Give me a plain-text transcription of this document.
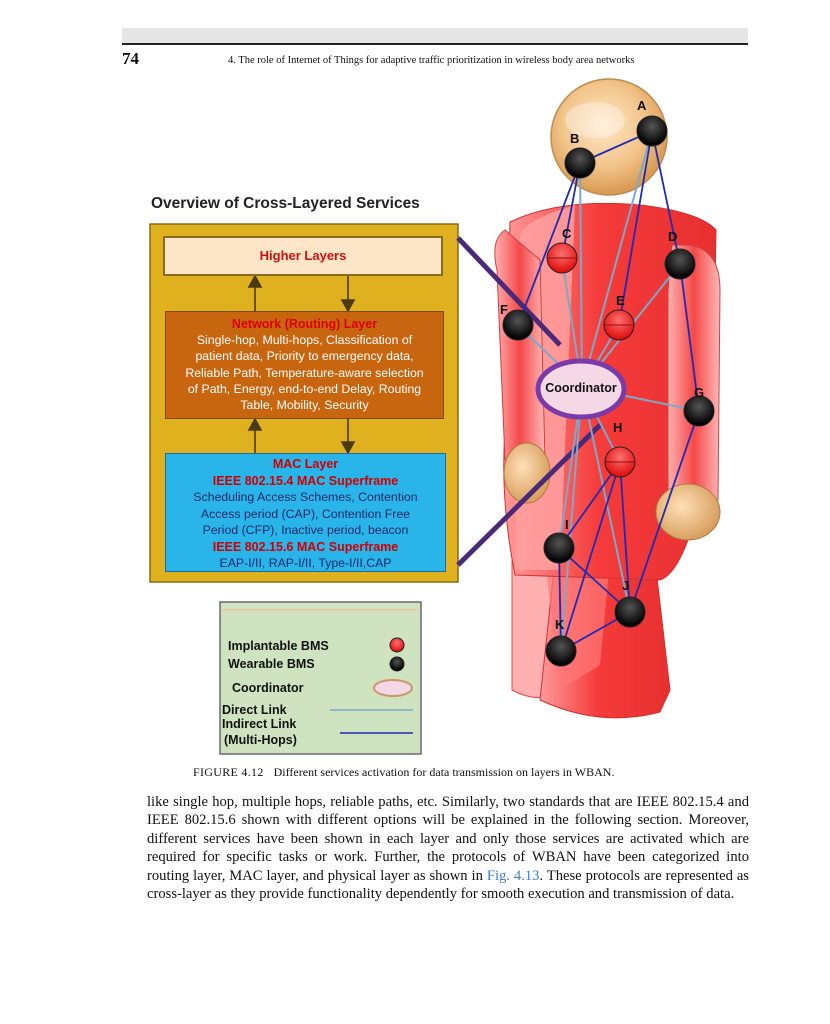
74	4. The role of Internet of Things for adaptive traffic prioritization in wireless body area networks
Overview of Cross-Layered Services
Higher Layers
Network (Routing) Layer
Single-hop, Multi-hops, Classification of
patient data, Priority to emergency data,
Reliable Path, Temperature-aware selection
of Path, Energy, end-to-end Delay, Routing
Table, Mobility, Security
MAC Layer
IEEE 802.15.4 MAC Superframe
Scheduling Access Schemes, Contention
Access period (CAP), Contention Free
Period (CFP), Inactive period, beacon
IEEE 802.15.6 MAC Superframe
EAP-I/II, RAP-I/II, Type-I/II,CAP
Implantable BMS
Wearable BMS
Coordinator
Direct Link
Indirect Link
(Multi-Hops)
Coordinator
A
B
C	D
E
F
G
H
I
J
K
FIGURE 4.12 Different services activation for data transmission on layers in WBAN.
like single hop, multiple hops, reliable paths, etc. Similarly, two standards that are IEEE 802.15.4 and IEEE 802.15.6 shown with different options will be explained in the following section. Moreover, different services have been shown in each layer and only those services are activated which are required for specific tasks or work. Further, the protocols of WBAN have been categorized into routing layer, MAC layer, and physical layer as shown in Fig. 4.13. These protocols are represented as cross-layer as they provide functionality dependently for smooth execution and transmission of data.
